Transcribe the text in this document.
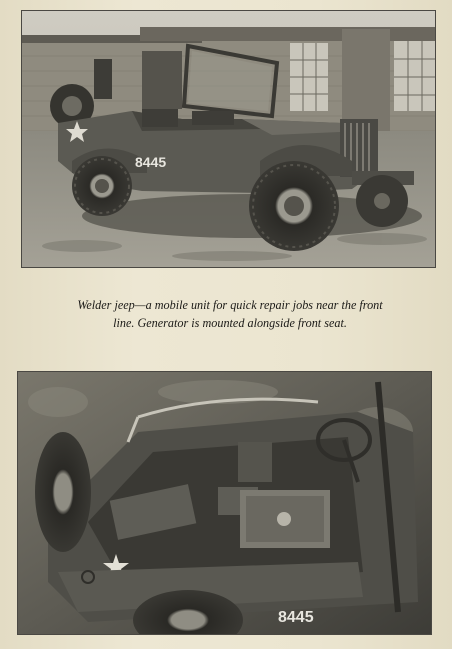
8445

Welder jeep—a mobile unit for quick repair jobs near the front

line. Generator is mounted alongside front seat.

8445
